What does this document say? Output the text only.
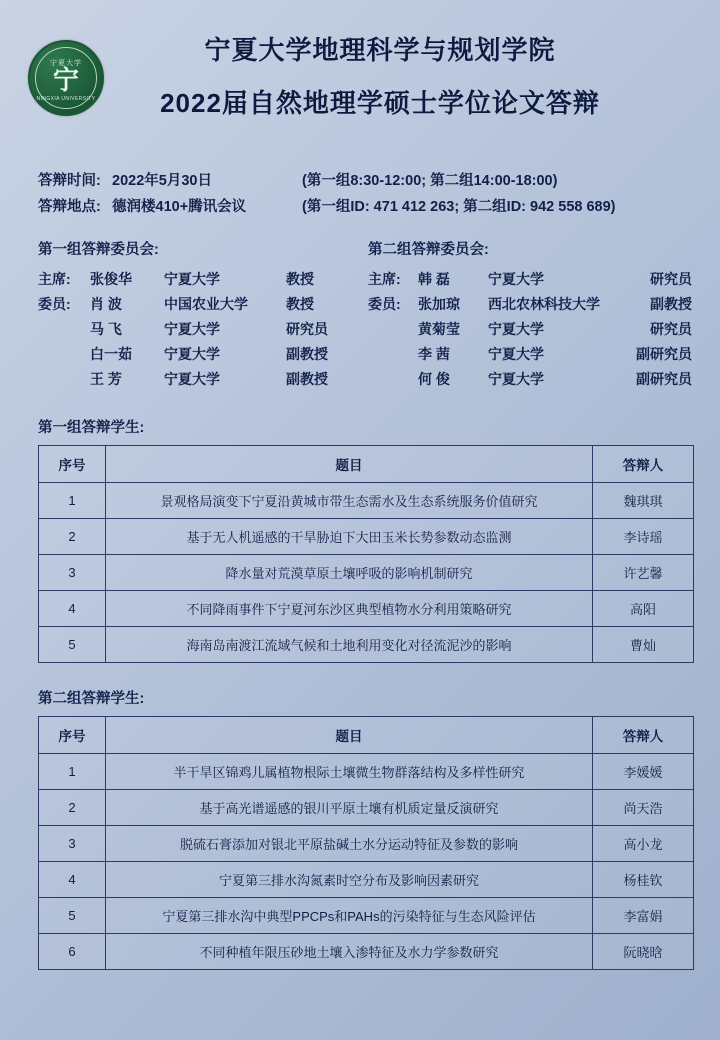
宁夏大学
宁
NINGXIA UNIVERSITY
宁夏大学地理科学与规划学院
2022届自然地理学硕士学位论文答辩
答辩时间: 2022年5月30日	(第一组8:30-12:00; 第二组14:00-18:00)
答辩地点: 德润楼410+腾讯会议	(第一组ID: 471 412 263; 第二组ID: 942 558 689)
第一组答辩委员会:
主席:	张俊华	宁夏大学	教授
委员:	肖 波	中国农业大学	教授
马 飞	宁夏大学	研究员
白一茹	宁夏大学	副教授
王 芳	宁夏大学	副教授
第二组答辩委员会:
主席:	韩 磊	宁夏大学	研究员
委员:	张加琼	西北农林科技大学	副教授
黄菊莹	宁夏大学	研究员
李 茜	宁夏大学	副研究员
何 俊	宁夏大学	副研究员
第一组答辩学生:
序号	题目	答辩人
1	景观格局演变下宁夏沿黄城市带生态需水及生态系统服务价值研究	魏琪琪
2	基于无人机遥感的干旱胁迫下大田玉米长势参数动态监测	李诗瑶
3	降水量对荒漠草原土壤呼吸的影响机制研究	许艺馨
4	不同降雨事件下宁夏河东沙区典型植物水分利用策略研究	高阳
5	海南岛南渡江流域气候和土地利用变化对径流泥沙的影响	曹灿
第二组答辩学生:
序号	题目	答辩人
1	半干旱区锦鸡儿属植物根际土壤微生物群落结构及多样性研究	李媛媛
2	基于高光谱遥感的银川平原土壤有机质定量反演研究	尚天浩
3	脱硫石膏添加对银北平原盐碱土水分运动特征及参数的影响	高小龙
4	宁夏第三排水沟氮素时空分布及影响因素研究	杨桂钦
5	宁夏第三排水沟中典型PPCPs和PAHs的污染特征与生态风险评估	李富娟
6	不同种植年限压砂地土壤入渗特征及水力学参数研究	阮晓晗
